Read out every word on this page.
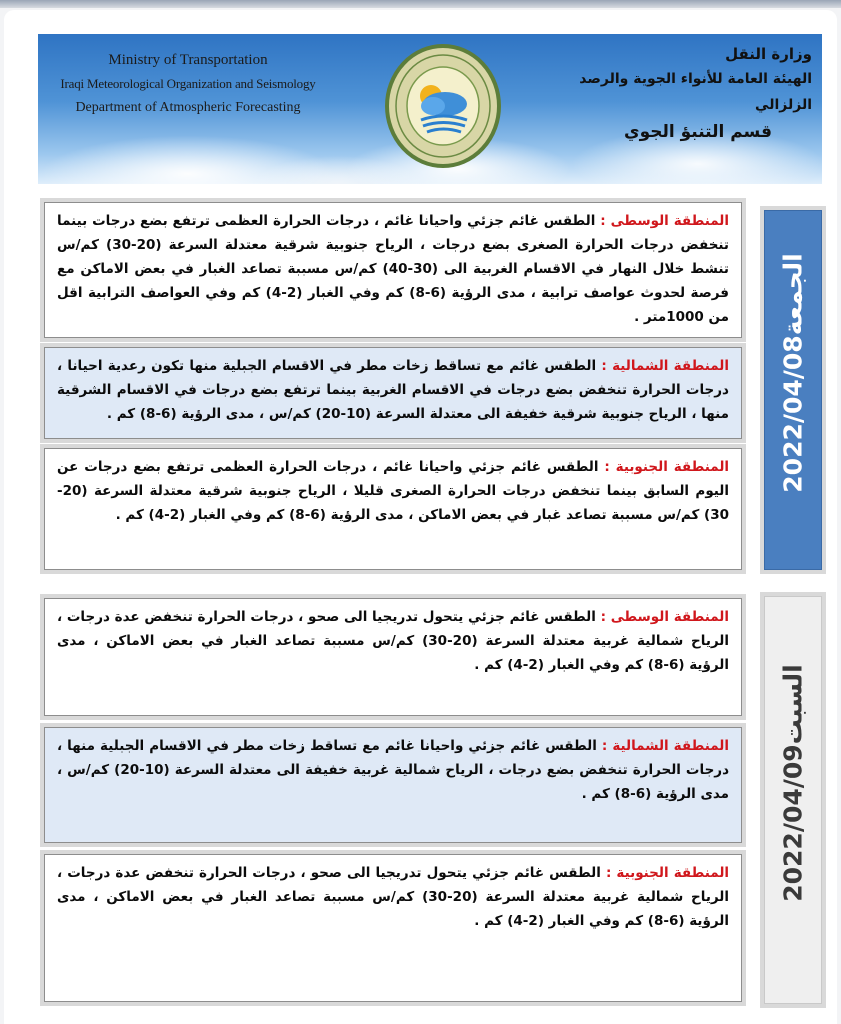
Ministry of Transportation
Iraqi Meteorological Organization and Seismology
Department of Atmospheric Forecasting
وزارة النقل
الهيئة العامة للأنواء الجوية والرصد الزلزالي
قسم التنبؤ الجوي
الجمعة2022/04/08
المنطقة الوسطى : الطقس غائم جزئي واحيانا غائم ، درجات الحرارة العظمى ترتفع بضع درجات بينما تنخفض درجات الحرارة الصغرى بضع درجات ، الرياح جنوبية شرقية معتدلة السرعة (20-30) كم/س تنشط خلال النهار في الاقسام الغربية الى (30-40) كم/س مسببة تصاعد الغبار في بعض الاماكن مع فرصة لحدوث عواصف ترابية ، مدى الرؤية (6-8) كم وفي الغبار (2-4) كم وفي العواصف الترابية اقل من 1000متر .
المنطقة الشمالية : الطقس غائم مع تساقط زخات مطر في الاقسام الجبلية منها تكون رعدية احيانا ، درجات الحرارة تنخفض بضع درجات في الاقسام الغربية بينما ترتفع بضع درجات في الاقسام الشرقية منها ، الرياح جنوبية شرقية خفيفة الى معتدلة السرعة (10-20) كم/س ، مدى الرؤية (6-8) كم .
المنطقة الجنوبية : الطقس غائم جزئي واحيانا غائم ، درجات الحرارة العظمى ترتفع بضع درجات عن اليوم السابق بينما تنخفض درجات الحرارة الصغرى قليلا ، الرياح جنوبية شرقية معتدلة السرعة (20-30) كم/س مسببة تصاعد غبار في بعض الاماكن ، مدى الرؤية (6-8) كم وفي الغبار (2-4) كم .
السبت2022/04/09
المنطقة الوسطى : الطقس غائم جزئي يتحول تدريجيا الى صحو ، درجات الحرارة تنخفض عدة درجات ، الرياح شمالية غربية معتدلة السرعة (20-30) كم/س مسببة تصاعد الغبار في بعض الاماكن ، مدى الرؤية (6-8) كم وفي الغبار (2-4) كم .
المنطقة الشمالية : الطقس غائم جزئي واحيانا غائم مع تساقط زخات مطر في الاقسام الجبلية منها ، درجات الحرارة تنخفض بضع درجات ، الرياح شمالية غربية خفيفة الى معتدلة السرعة (10-20) كم/س ، مدى الرؤية (6-8) كم .
المنطقة الجنوبية : الطقس غائم جزئي يتحول تدريجيا الى صحو ، درجات الحرارة تنخفض عدة درجات ، الرياح شمالية غربية معتدلة السرعة (20-30) كم/س مسببة تصاعد الغبار في بعض الاماكن ، مدى الرؤية (6-8) كم وفي الغبار (2-4) كم .
